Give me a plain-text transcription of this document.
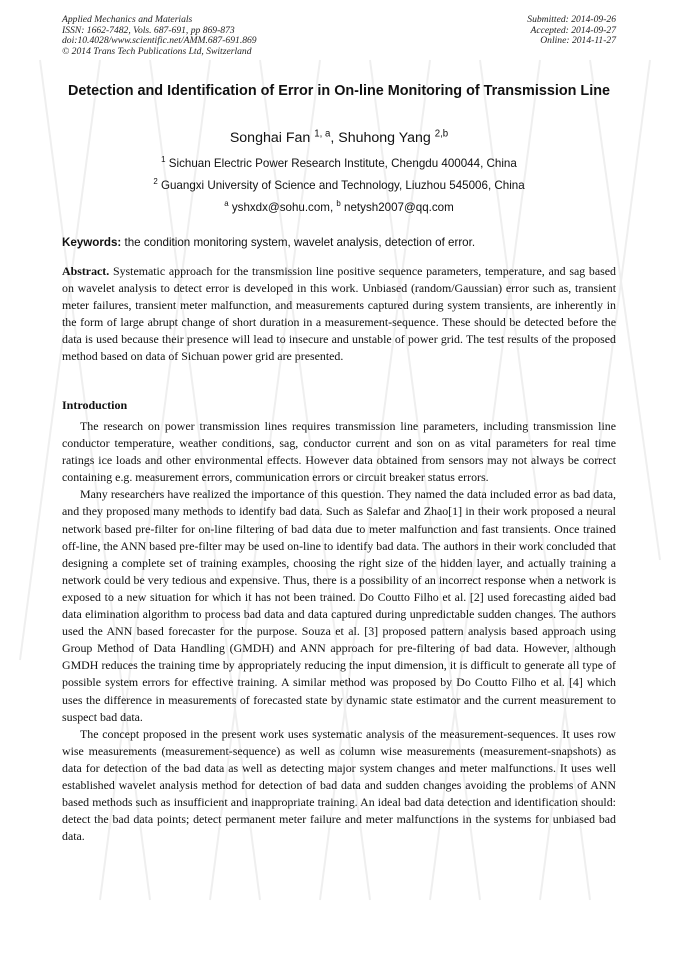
Applied Mechanics and Materials
ISSN: 1662-7482, Vols. 687-691, pp 869-873
doi:10.4028/www.scientific.net/AMM.687-691.869
© 2014 Trans Tech Publications Ltd, Switzerland
Submitted: 2014-09-26
Accepted: 2014-09-27
Online: 2014-11-27
Detection and Identification of Error in On-line Monitoring of Transmission Line
Songhai Fan $^{1, a}$, Shuhong Yang $^{2,b}$
$^1$ Sichuan Electric Power Research Institute, Chengdu 400044, China
$^2$ Guangxi University of Science and Technology, Liuzhou 545006, China
$^a$ yshxdx@sohu.com, $^b$ netysh2007@qq.com
Keywords: the condition monitoring system, wavelet analysis, detection of error.
Abstract. Systematic approach for the transmission line positive sequence parameters, temperature, and sag based on wavelet analysis to detect error is developed in this work. Unbiased (random/Gaussian) error such as, transient meter failures, transient meter malfunction, and measurements captured during system transients, are inherently in the form of large abrupt change of short duration in a measurement-sequence. These should be detected before the data is used because their presence will lead to insecure and unstable of power grid. The test results of the proposed method based on data of Sichuan power grid are presented.
Introduction

The research on power transmission lines requires transmission line parameters, including transmission line conductor temperature, weather conditions, sag, conductor current and son on as vital parameters for real time ratings ice loads and other environmental effects. However data obtained from sensors may not always be correct containing e.g. measurement errors, communication errors or circuit breaker status errors.

Many researchers have realized the importance of this question. They named the data included error as bad data, and they proposed many methods to identify bad data. Such as Salefar and Zhao[1] in their work proposed a neural network based pre-filter for on-line filtering of bad data due to meter malfunction and fast transients. Once trained off-line, the ANN based pre-filter may be used on-line to identify bad data. The authors in their work concluded that designing a complete set of training examples, choosing the right size of the hidden layer, and actually training a network could be very tedious and expensive. Thus, there is a possibility of an incorrect response when a network is exposed to a new situation for which it has not been trained. Do Coutto Filho et al. [2] used forecasting aided bad data elimination algorithm to process bad data and data captured during unpredictable sudden changes. The authors used the ANN based forecaster for the purpose. Souza et al. [3] proposed pattern analysis based approach using Group Method of Data Handling (GMDH) and ANN approach for pre-filtering of bad data. However, although GMDH reduces the training time by appropriately reducing the input dimension, it is difficult to generate all type of possible system errors for effective training. A similar method was proposed by Do Coutto Filho et al. [4] which uses the difference in measurements of forecasted state by dynamic state estimator and the current measurement to suspect bad data.

The concept proposed in the present work uses systematic analysis of the measurement-sequences. It uses row wise measurements (measurement-sequence) as well as column wise measurements (measurement-snapshots) as data for detection of the bad data as well as detecting major system changes and meter malfunctions. It uses well established wavelet analysis method for detection of bad data and sudden changes avoiding the problems of ANN based methods such as insufficient and inappropriate training. An ideal bad data detection and identification should: detect the bad data points; detect permanent meter failure and meter malfunctions in the systems for unbiased bad data.
